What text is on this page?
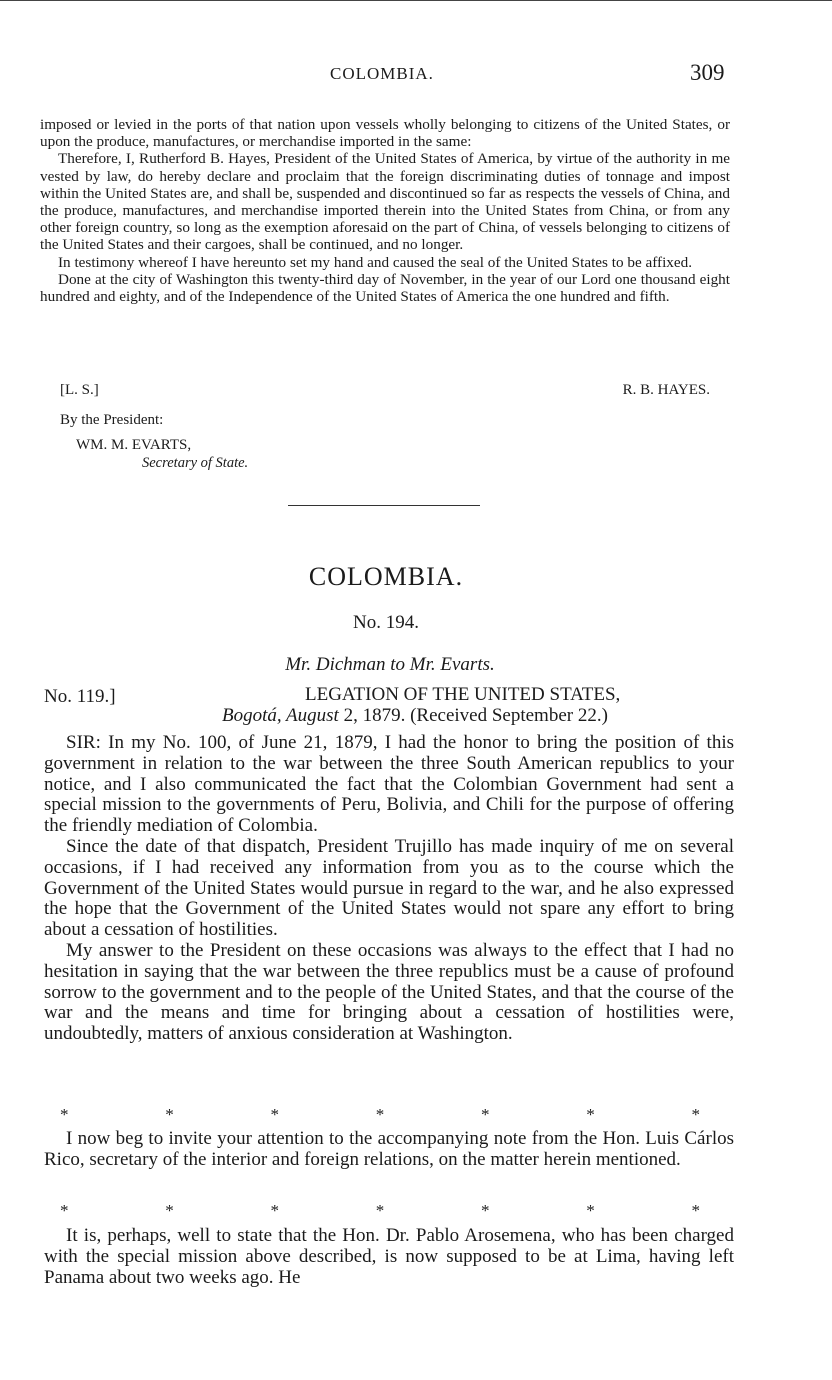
COLOMBIA.	309

imposed or levied in the ports of that nation upon vessels wholly belonging to citizens of the United States, or upon the produce, manufactures, or merchandise imported in the same:

Therefore, I, Rutherford B. Hayes, President of the United States of America, by virtue of the authority in me vested by law, do hereby declare and proclaim that the foreign discriminating duties of tonnage and impost within the United States are, and shall be, suspended and discontinued so far as respects the vessels of China, and the produce, manufactures, and merchandise imported therein into the United States from China, or from any other foreign country, so long as the exemption aforesaid on the part of China, of vessels belonging to citizens of the United States and their cargoes, shall be continued, and no longer.

In testimony whereof I have hereunto set my hand and caused the seal of the United States to be affixed.

Done at the city of Washington this twenty-third day of November, in the year of our Lord one thousand eight hundred and eighty, and of the Independence of the United States of America the one hundred and fifth.

[L. S.]	R. B. HAYES.
By the President:
WM. M. EVARTS,
Secretary of State.
COLOMBIA.
No. 194.
Mr. Dichman to Mr. Evarts.
No. 119.]	LEGATION OF THE UNITED STATES,
Bogotá, August 2, 1879. (Received September 22.)

SIR: In my No. 100, of June 21, 1879, I had the honor to bring the position of this government in relation to the war between the three South American republics to your notice, and I also communicated the fact that the Colombian Government had sent a special mission to the governments of Peru, Bolivia, and Chili for the purpose of offering the friendly mediation of Colombia.

Since the date of that dispatch, President Trujillo has made inquiry of me on several occasions, if I had received any information from you as to the course which the Government of the United States would pursue in regard to the war, and he also expressed the hope that the Government of the United States would not spare any effort to bring about a cessation of hostilities.

My answer to the President on these occasions was always to the effect that I had no hesitation in saying that the war between the three republics must be a cause of profound sorrow to the government and to the people of the United States, and that the course of the war and the means and time for bringing about a cessation of hostilities were, undoubtedly, matters of anxious consideration at Washington.

*	*	*	*	*	*	*

I now beg to invite your attention to the accompanying note from the Hon. Luis Cárlos Rico, secretary of the interior and foreign relations, on the matter herein mentioned.

*	*	*	*	*	*	*

It is, perhaps, well to state that the Hon. Dr. Pablo Arosemena, who has been charged with the special mission above described, is now supposed to be at Lima, having left Panama about two weeks ago. He
